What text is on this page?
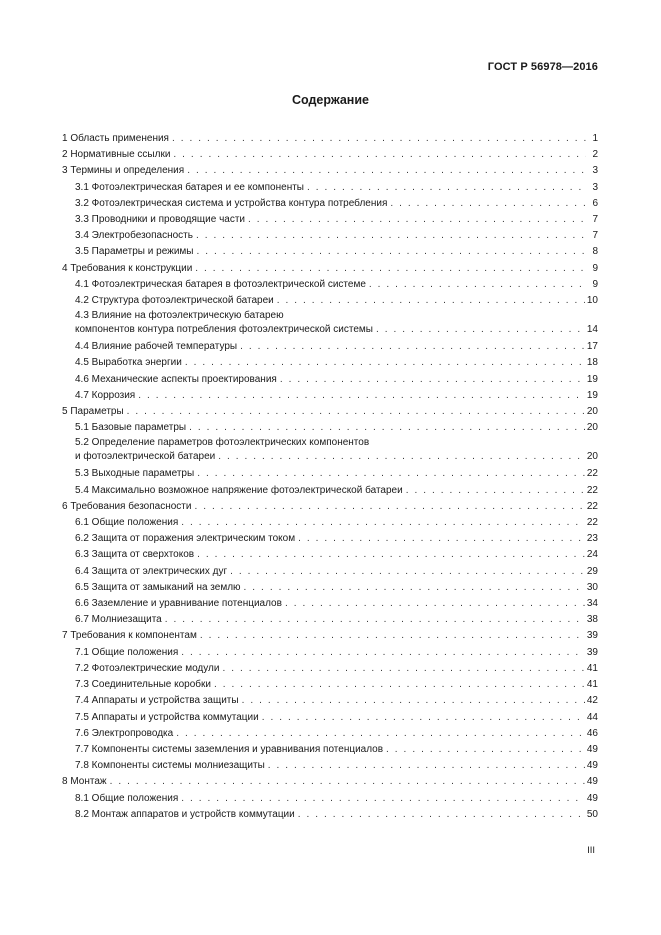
ГОСТ Р 56978—2016
Содержание
1 Область применения . . .	1
2 Нормативные ссылки . . .	2
3 Термины и определения . . .	3
3.1 Фотоэлектрическая батарея и ее компоненты . . .	3
3.2 Фотоэлектрическая система и устройства контура потребления . . .	6
3.3 Проводники и проводящие части . . .	7
3.4 Электробезопасность . . .	7
3.5 Параметры и режимы . . .	8
4 Требования к конструкции . . .	9
4.1 Фотоэлектрическая батарея в фотоэлектрической системе . . .	9
4.2 Структура фотоэлектрической батареи . . .	10
4.3 Влияние на фотоэлектрическую батарею
компонентов контура потребления фотоэлектрической системы . . .	14
4.4 Влияние рабочей температуры . . .	17
4.5 Выработка энергии . . .	18
4.6 Механические аспекты проектирования . . .	19
4.7 Коррозия . . .	19
5 Параметры . . .	20
5.1 Базовые параметры . . .	20
5.2 Определение параметров фотоэлектрических компонентов
и фотоэлектрической батареи . . .	20
5.3 Выходные параметры . . .	22
5.4 Максимально возможное напряжение фотоэлектрической батареи . . .	22
6 Требования безопасности . . .	22
6.1 Общие положения . . .	22
6.2 Защита от поражения электрическим током . . .	23
6.3 Защита от сверхтоков . . .	24
6.4 Защита от электрических дуг . . .	29
6.5 Защита от замыканий на землю . . .	30
6.6 Заземление и уравнивание потенциалов . . .	34
6.7 Молниезащита . . .	38
7 Требования к компонентам . . .	39
7.1 Общие положения . . .	39
7.2 Фотоэлектрические модули . . .	41
7.3 Соединительные коробки . . .	41
7.4 Аппараты и устройства защиты . . .	42
7.5 Аппараты и устройства коммутации . . .	44
7.6 Электропроводка . . .	46
7.7 Компоненты системы заземления и уравнивания потенциалов . . .	49
7.8 Компоненты системы молниезащиты . . .	49
8 Монтаж . . .	49
8.1 Общие положения . . .	49
8.2 Монтаж аппаратов и устройств коммутации . . .	50
III
